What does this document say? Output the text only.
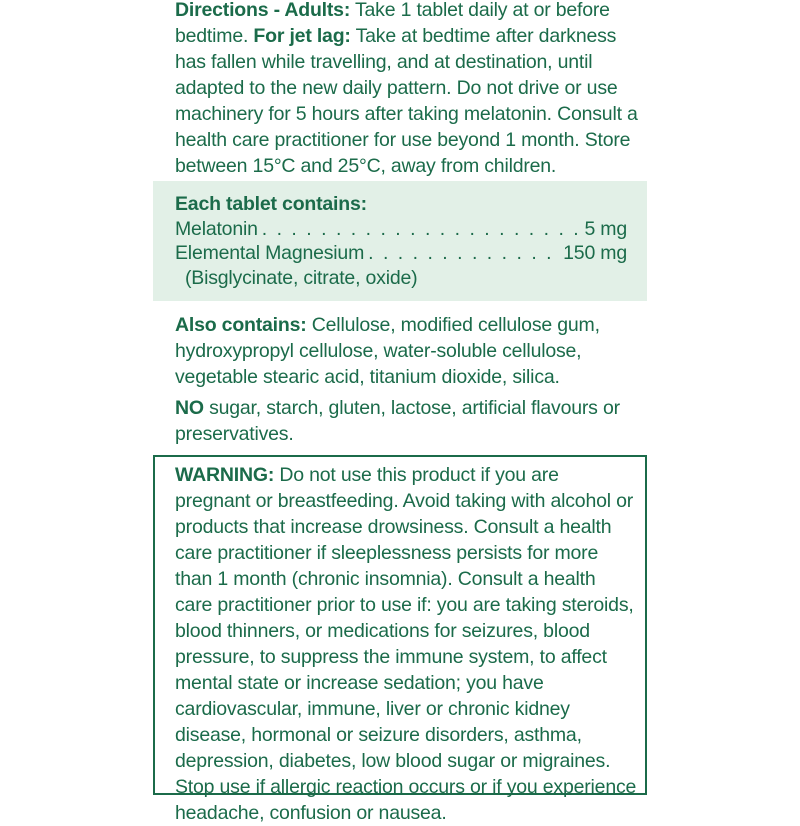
Directions - Adults: Take 1 tablet daily at or before bedtime. For jet lag: Take at bedtime after darkness has fallen while travelling, and at destination, until adapted to the new daily pattern. Do not drive or use machinery for 5 hours after taking melatonin. Consult a health care practitioner for use beyond 1 month. Store between 15°C and 25°C, away from children.

Each tablet contains:

Melatonin . . .	5 mg
Elemental Magnesium . . .	150 mg

(Bisglycinate, citrate, oxide)

Also contains: Cellulose, modified cellulose gum, hydroxypropyl cellulose, water-soluble cellulose, vegetable stearic acid, titanium dioxide, silica.

NO sugar, starch, gluten, lactose, artificial flavours or preservatives.

WARNING: Do not use this product if you are pregnant or breastfeeding. Avoid taking with alcohol or products that increase drowsiness. Consult a health care practitioner if sleeplessness persists for more than 1 month (chronic insomnia). Consult a health care practitioner prior to use if: you are taking steroids, blood thinners, or medications for seizures, blood pressure, to suppress the immune system, to affect mental state or increase sedation; you have cardiovascular, immune, liver or chronic kidney disease, hormonal or seizure disorders, asthma, depression, diabetes, low blood sugar or migraines. Stop use if allergic reaction occurs or if you experience headache, confusion or nausea.
